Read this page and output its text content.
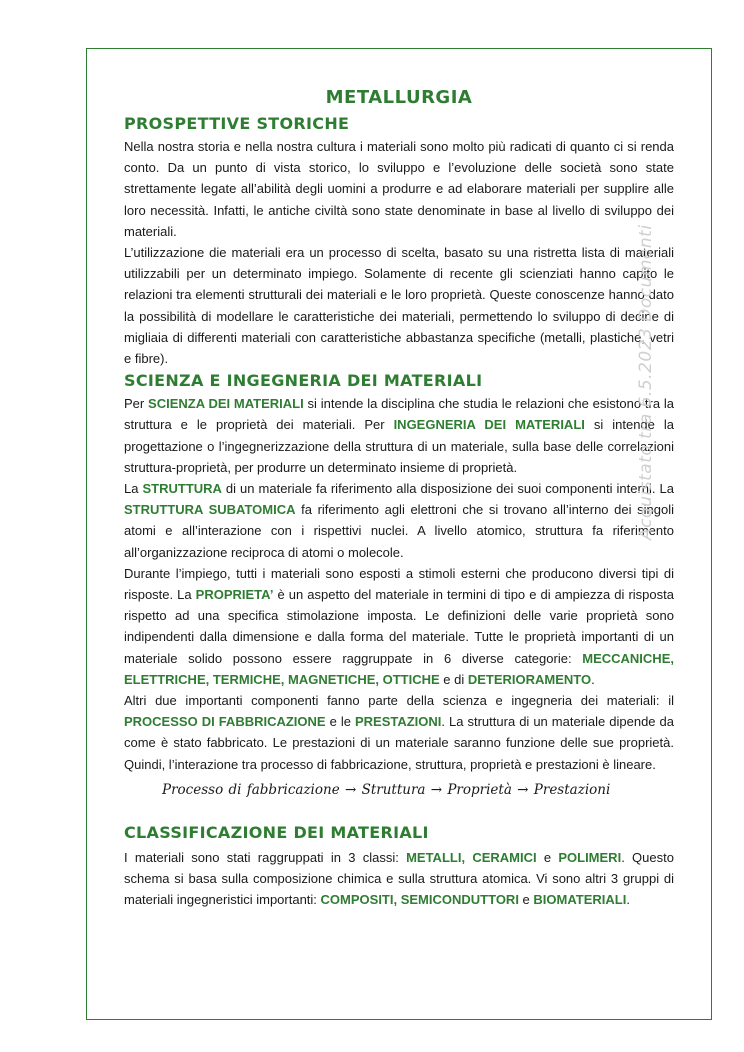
METALLURGIA
PROSPETTIVE STORICHE

Nella nostra storia e nella nostra cultura i materiali sono molto più radicati di quanto ci si renda conto. Da un punto di vista storico, lo sviluppo e l’evoluzione delle società sono state strettamente legate all’abilità degli uomini a produrre e ad elaborare materiali per supplire alle loro necessità. Infatti, le antiche civiltà sono state denominate in base al livello di sviluppo dei materiali.

L’utilizzazione die materiali era un processo di scelta, basato su una ristretta lista di materiali utilizzabili per un determinato impiego. Solamente di recente gli scienziati hanno capito le relazioni tra elementi strutturali dei materiali e le loro proprietà. Queste conoscenze hanno dato la possibilità di modellare le caratteristiche dei materiali, permettendo lo sviluppo di decine di migliaia di differenti materiali con caratteristiche abbastanza specifiche (metalli, plastiche, vetri e fibre).

SCIENZA E INGEGNERIA DEI MATERIALI

Per SCIENZA DEI MATERIALI si intende la disciplina che studia le relazioni che esistono tra la struttura e le proprietà dei materiali. Per INGEGNERIA DEI MATERIALI si intende la progettazione o l’ingegnerizzazione della struttura di un materiale, sulla base delle correlazioni struttura-proprietà, per produrre un determinato insieme di proprietà.

La STRUTTURA di un materiale fa riferimento alla disposizione dei suoi componenti interni. La STRUTTURA SUBATOMICA fa riferimento agli elettroni che si trovano all’interno dei singoli atomi e all’interazione con i rispettivi nuclei. A livello atomico, struttura fa riferimento all’organizzazione reciproca di atomi o molecole.

Durante l’impiego, tutti i materiali sono esposti a stimoli esterni che producono diversi tipi di risposte. La PROPRIETA’ è un aspetto del materiale in termini di tipo e di ampiezza di risposta rispetto ad una specifica stimolazione imposta. Le definizioni delle varie proprietà sono indipendenti dalla dimensione e dalla forma del materiale. Tutte le proprietà importanti di un materiale solido possono essere raggruppate in 6 diverse categorie: MECCANICHE, ELETTRICHE, TERMICHE, MAGNETICHE, OTTICHE e di DETERIORAMENTO.

Altri due importanti componenti fanno parte della scienza e ingegneria dei materiali: il PROCESSO DI FABBRICAZIONE e le PRESTAZIONI. La struttura di un materiale dipende da come è stato fabbricato. Le prestazioni di un materiale saranno funzione delle sue proprietà. Quindi, l’interazione tra processo di fabbricazione, struttura, proprietà e prestazioni è lineare.

Processo di fabbricazione → Struttura → Proprietà → Prestazioni
CLASSIFICAZIONE DEI MATERIALI

I materiali sono stati raggruppati in 3 classi: METALLI, CERAMICI e POLIMERI. Questo schema si basa sulla composizione chimica e sulla struttura atomica. Vi sono altri 3 gruppi di materiali ingegneristici importanti: COMPOSITI, SEMICONDUTTORI e BIOMATERIALI.

Acquistato tra 6.5.2023 Documenti
